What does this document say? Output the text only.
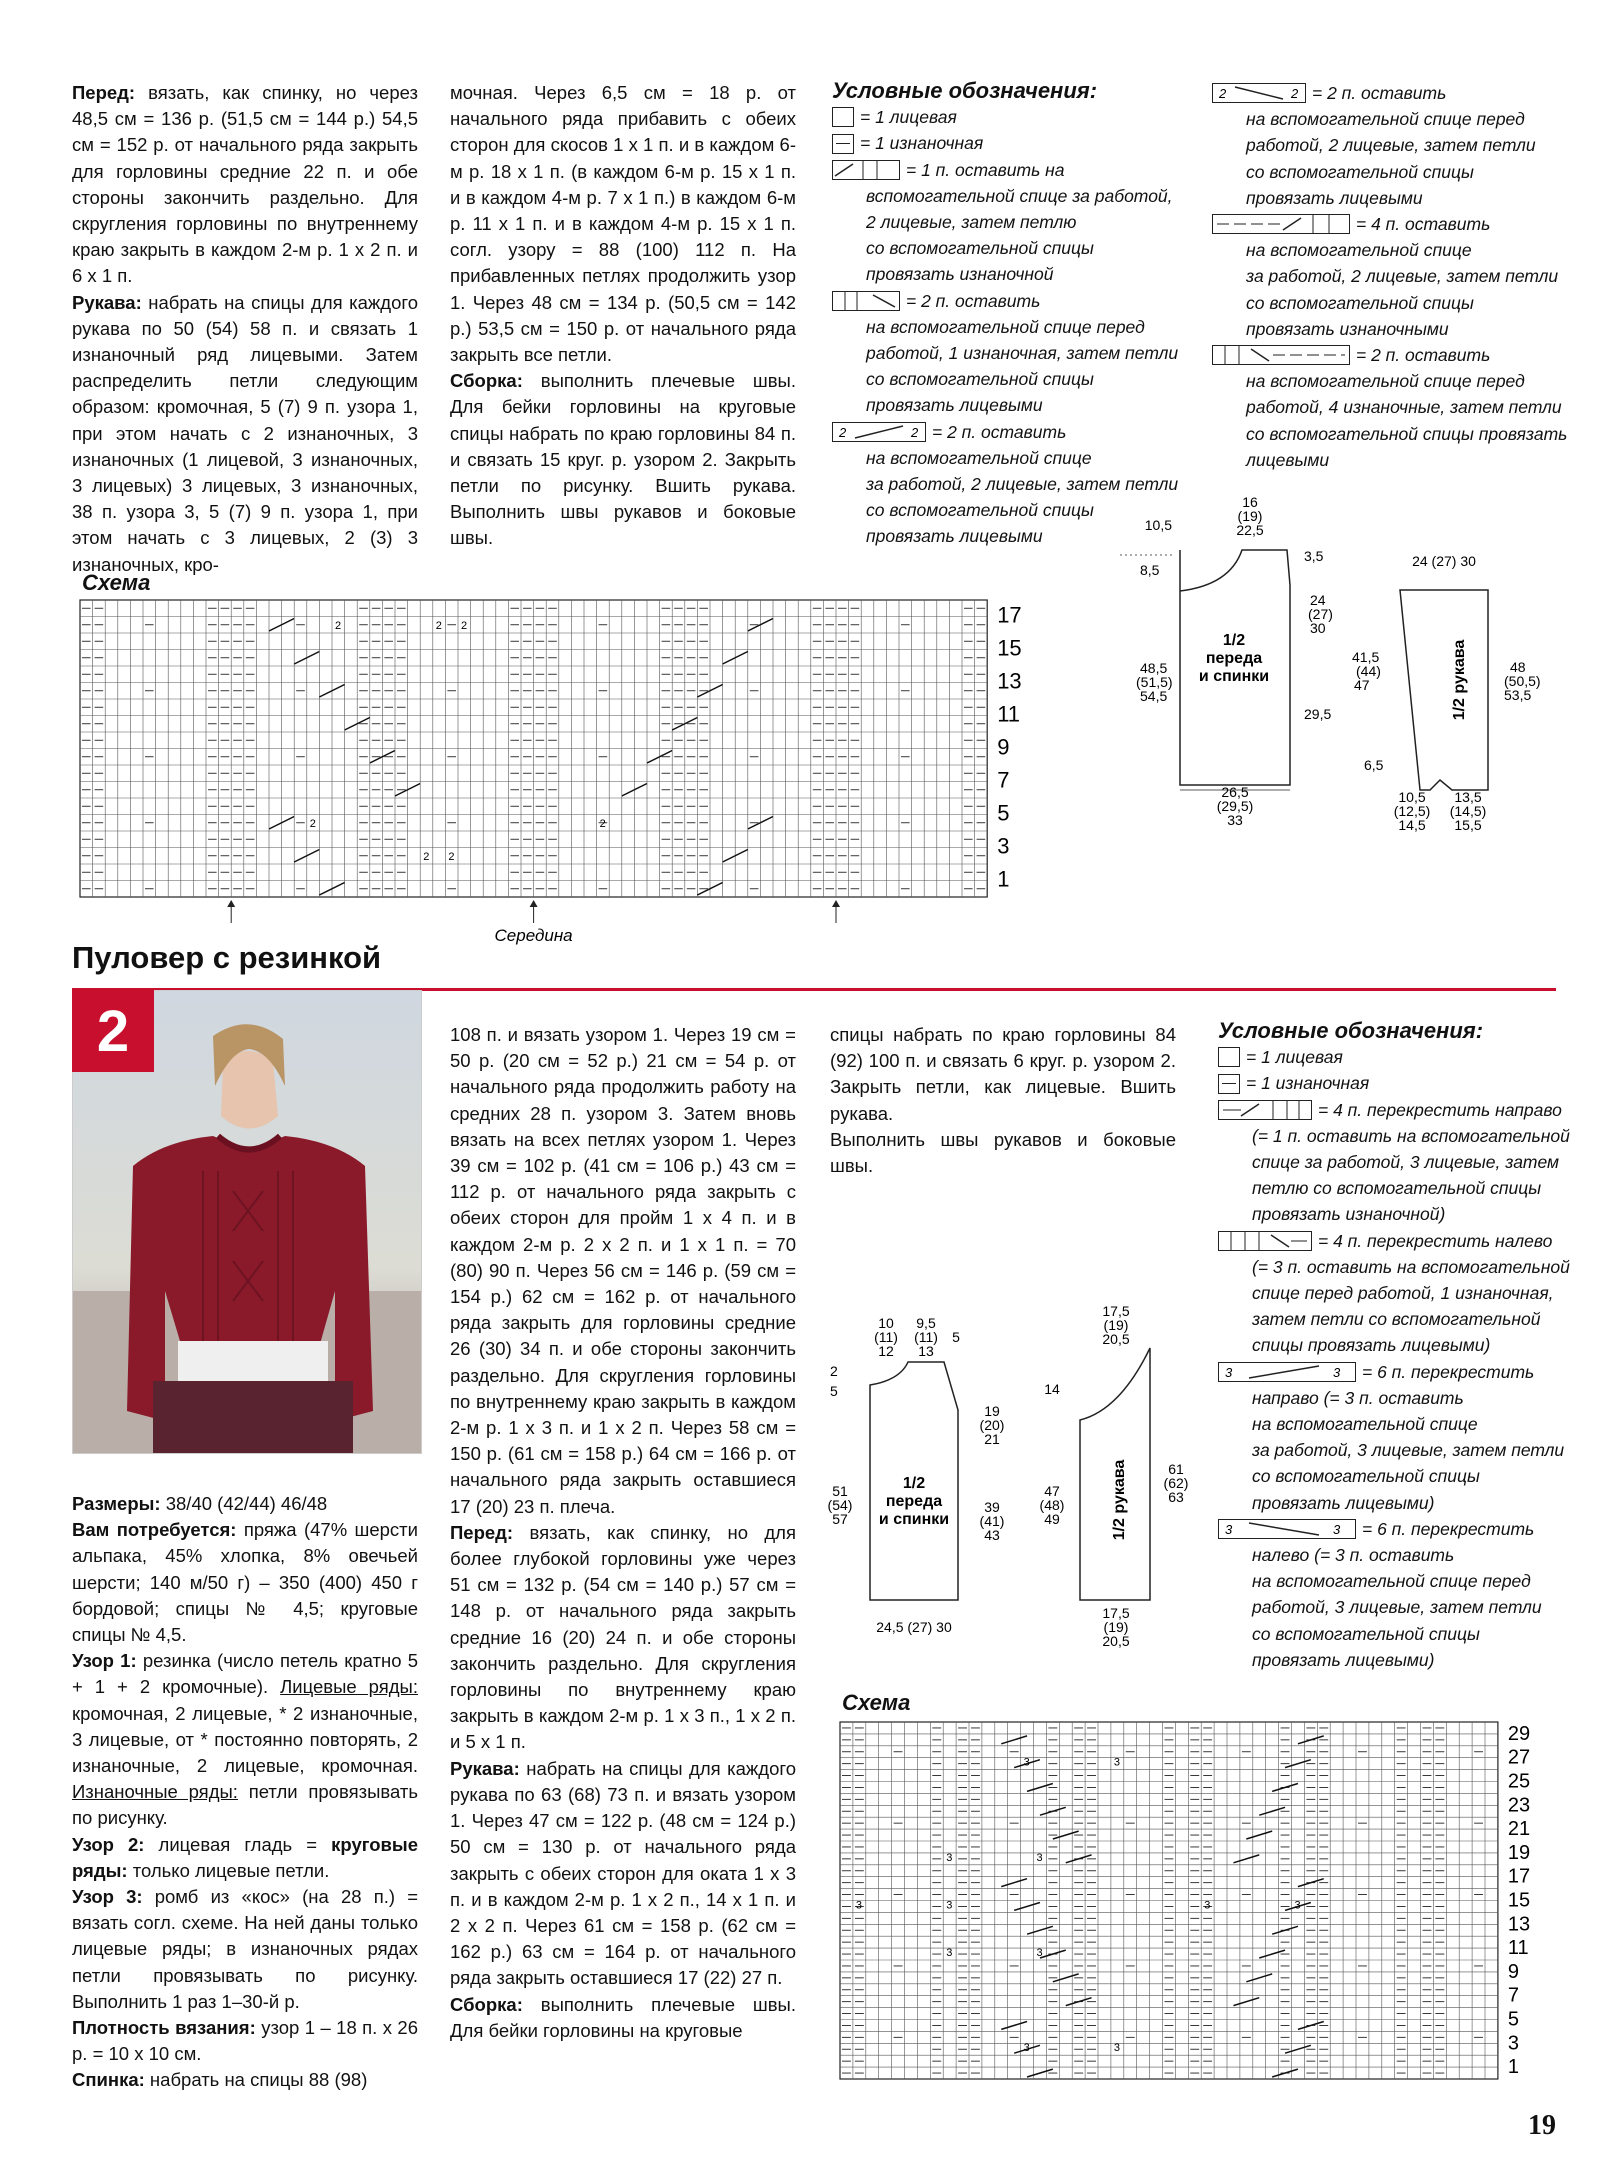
Перед: вязать, как спинку, но через 48,5 см = 136 р. (51,5 см = 144 р.) 54,5 см = 152 р. от начального ряда закрыть для горловины средние 22 п. и обе стороны закончить раздельно. Для скругления горловины по внутреннему краю закрыть в каждом 2-м р. 1 х 2 п. и 6 х 1 п.
Рукава: набрать на спицы для каждого рукава по 50 (54) 58 п. и связать 1 изнаночный ряд лицевыми. Затем распределить петли следующим образом: кромочная, 5 (7) 9 п. узора 1, при этом начать с 2 изнаночных, 3 изнаночных (1 лицевой, 3 изнаночных, 3 лицевых) 3 лицевых, 3 изнаночных, 38 п. узора 3, 5 (7) 9 п. узора 1, при этом начать с 3 лицевых, 2 (3) 3 изнаночных, кро-
мочная. Через 6,5 см = 18 р. от начального ряда прибавить с обеих сторон для скосов 1 х 1 п. и в каждом 6-м р. 18 х 1 п. (в каждом 6-м р. 15 х 1 п. и в каждом 4-м р. 7 х 1 п.) в каждом 6-м р. 11 х 1 п. и в каждом 4-м р. 15 х 1 п. согл. узору = 88 (100) 112 п. На прибавленных петлях продолжить узор 1. Через 48 см = 134 р. (50,5 см = 142 р.) 53,5 см = 150 р. от начального ряда закрыть все петли.
Сборка: выполнить плечевые швы. Для бейки горловины на круговые спицы набрать по краю горловины 84 п. и связать 15 круг. р. узором 2. Закрыть петли по рисунку. Вшить рукава. Выполнить швы рукавов и боковые швы.
Условные обозначения:
= 1 лицевая
= 1 изнаночная
= 1 п. оставить на
вспомогательной спице за работой,
2 лицевые, затем петлю
со вспомогательной спицы
провязать изнаночной
= 2 п. оставить
на вспомогательной спице перед
работой, 1 изнаночная, затем петли
со вспомогательной спицы
провязать лицевыми
2	2 = 2 п. оставить
на вспомогательной спице
за работой, 2 лицевые, затем петли
со вспомогательной спицы
провязать лицевыми
2	2 = 2 п. оставить
на вспомогательной спице перед
работой, 2 лицевые, затем петли
со вспомогательной спицы
провязать лицевыми
= 4 п. оставить
на вспомогательной спице
за работой, 2 лицевые, затем петли
со вспомогательной спицы
провязать изнаночными
= 2 п. оставить
на вспомогательной спице перед
работой, 4 изнаночные, затем петли
со вспомогательной спицы провязать
лицевыми
10,5
16
(19)
22,5
3,5
8,5
24
(27)
30
48,5
(51,5)
54,5
1/2
переда
и спинки
29,5
26,5
(29,5)
33
24 (27) 30
41,5
(44)
47
48
(50,5)
53,5
1/2 рукава
6,5
10,5
(12,5)
14,5
13,5
(14,5)
15,5
Схема
2	2 2
2 2
2	2
17
15
13
11
9
7
5
3
1
Середина
Пуловер с резинкой
2
Размеры: 38/40 (42/44) 46/48
Вам потребуется: пряжа (47% шерсти альпака, 45% хлопка, 8% овечьей шерсти; 140 м/50 г) – 350 (400) 450 г бордовой; спицы № 4,5; круговые спицы № 4,5.
Узор 1: резинка (число петель кратно 5 + 1 + 2 кромочные). Лицевые ряды: кромочная, 2 лицевые, * 2 изнаночные, 3 лицевые, от * постоянно повторять, 2 изнаночные, 2 лицевые, кромочная. Изнаночные ряды: петли провязывать по рисунку.
Узор 2: лицевая гладь = круговые ряды: только лицевые петли.
Узор 3: ромб из «кос» (на 28 п.) = вязать согл. схеме. На ней даны только лицевые ряды; в изнаночных рядах петли провязывать по рисунку. Выполнить 1 раз 1–30-й р.
Плотность вязания: узор 1 – 18 п. х 26 р. = 10 х 10 см.
Спинка: набрать на спицы 88 (98)
108 п. и вязать узором 1. Через 19 см = 50 р. (20 см = 52 р.) 21 см = 54 р. от начального ряда продолжить работу на средних 28 п. узором 3. Затем вновь вязать на всех петлях узором 1. Через 39 см = 102 р. (41 см = 106 р.) 43 см = 112 р. от начального ряда закрыть с обеих сторон для пройм 1 х 4 п. и в каждом 2-м р. 2 х 2 п. и 1 х 1 п. = 70 (80) 90 п. Через 56 см = 146 р. (59 см = 154 р.) 62 см = 162 р. от начального ряда закрыть для горловины средние 26 (30) 34 п. и обе стороны закончить раздельно. Для скругления горловины по внутреннему краю закрыть в каждом 2-м р. 1 х 3 п. и 1 х 2 п. Через 58 см = 150 р. (61 см = 158 р.) 64 см = 166 р. от начального ряда закрыть оставшиеся 17 (20) 23 п. плеча.
Перед: вязать, как спинку, но для более глубокой горловины уже через 51 см = 132 р. (54 см = 140 р.) 57 см = 148 р. от начального ряда закрыть средние 16 (20) 24 п. и обе стороны закончить раздельно. Для скругления горловины по внутреннему краю закрыть в каждом 2-м р. 1 х 3 п., 1 х 2 п. и 5 х 1 п.
Рукава: набрать на спицы для каждого рукава по 63 (68) 73 п. и вязать узором 1. Через 47 см = 122 р. (48 см = 124 р.) 50 см = 130 р. от начального ряда закрыть с обеих сторон для оката 1 х 3 п. и в каждом 2-м р. 1 х 2 п., 14 х 1 п. и 2 х 2 п. Через 61 см = 158 р. (62 см = 162 р.) 63 см = 164 р. от начального ряда закрыть оставшиеся 17 (22) 27 п.
Сборка: выполнить плечевые швы. Для бейки горловины на круговые
спицы набрать по краю горловины 84 (92) 100 п. и связать 6 круг. р. узором 2. Закрыть петли, как лицевые. Вшить рукава.
Выполнить швы рукавов и боковые швы.
Условные обозначения:
= 1 лицевая
= 1 изнаночная
= 4 п. перекрестить направо
(= 1 п. оставить на вспомогательной
спице за работой, 3 лицевые, затем
петлю со вспомогательной спицы
провязать изнаночной)
= 4 п. перекрестить налево
(= 3 п. оставить на вспомогательной
спице перед работой, 1 изнаночная,
затем петли со вспомогательной
спицы провязать лицевыми)
3	3 = 6 п. перекрестить
направо (= 3 п. оставить
на вспомогательной спице
за работой, 3 лицевые, затем петли
со вспомогательной спицы
провязать лицевыми)
3	3 = 6 п. перекрестить
налево (= 3 п. оставить
на вспомогательной спице перед
работой, 3 лицевые, затем петли
со вспомогательной спицы
провязать лицевыми)
10
(11)
12
9,5
(11)
13
5
2
5
19
(20)
21
51
(54)
57
1/2
переда
и спинки
39
(41)
43
24,5 (27) 30
17,5
(19)
20,5
14
47
(48)
49
61
(62)
63
1/2 рукава
17,5
(19)
20,5
Схема
3	3
3	3
3	3	3	3
3	3
3	3
29
27
25
23
21
19
17
15
13
11
9
7
5
3
1
19
